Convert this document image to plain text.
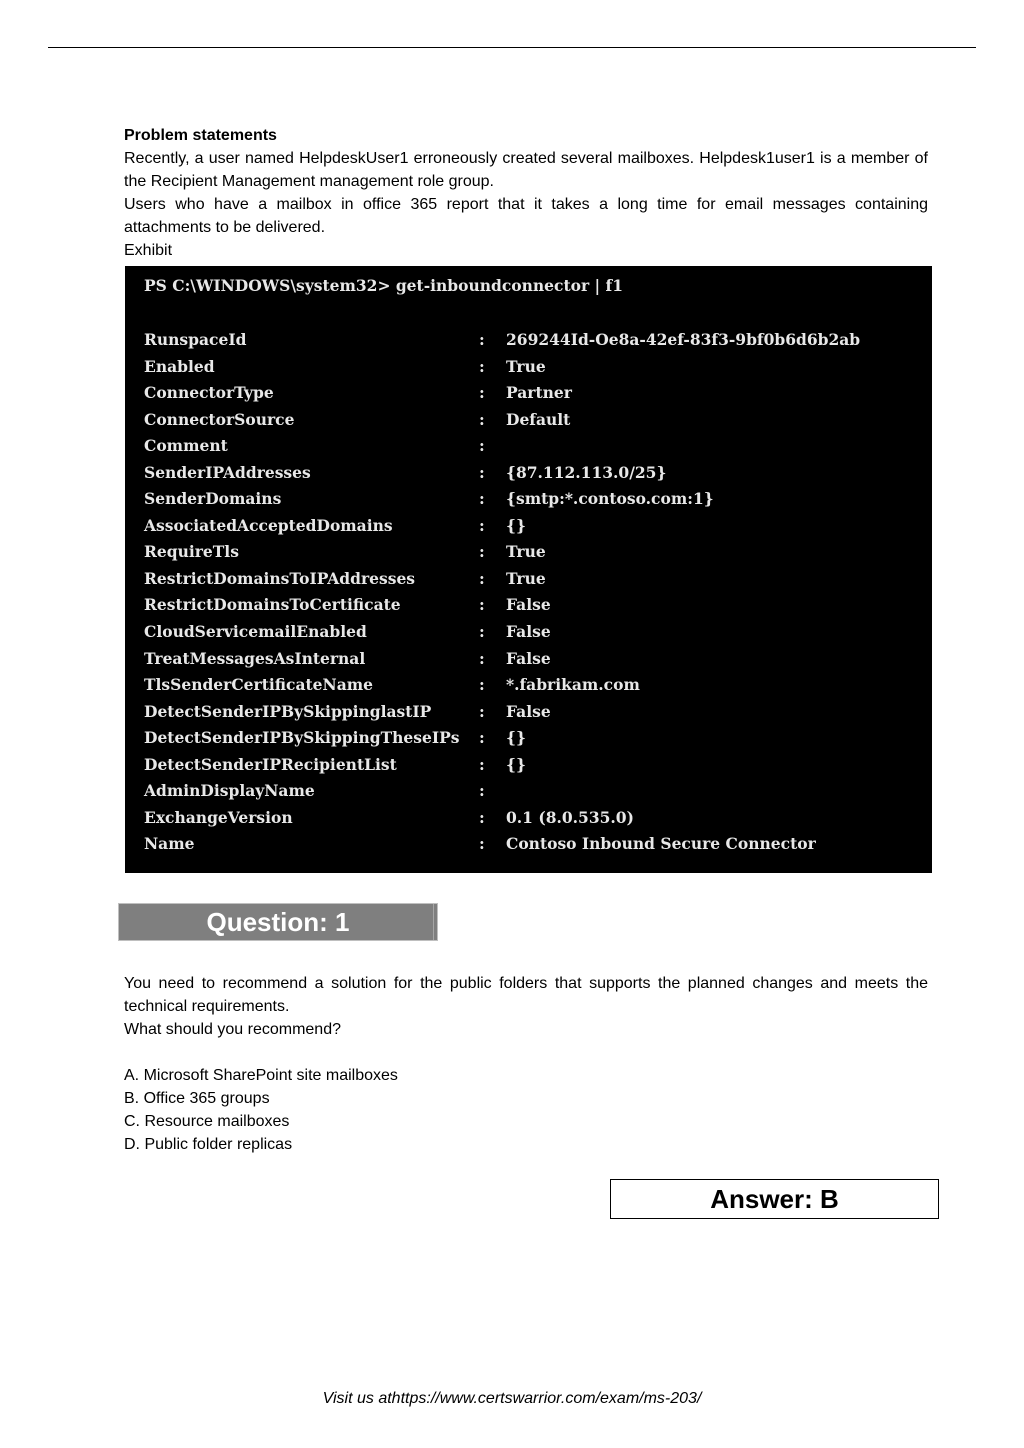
Problem statements

Recently, a user named HelpdeskUser1 erroneously created several mailboxes. Helpdesk1user1 is a member of the Recipient Management management role group.

Users who have a mailbox in office 365 report that it takes a long time for email messages containing attachments to be delivered.

Exhibit

PS C:\WINDOWS\system32> get-inboundconnector | f1
RunspaceId	: 269244Id-Oe8a-42ef-83f3-9bf0b6d6b2ab
Enabled	: True
ConnectorType	: Partner
ConnectorSource	: Default
Comment	:
SenderIPAddresses	: {87.112.113.0/25}
SenderDomains	: {smtp:*.contoso.com:1}
AssociatedAcceptedDomains	: {}
RequireTls	: True
RestrictDomainsToIPAddresses	: True
RestrictDomainsToCertificate	: False
CloudServicemailEnabled	: False
TreatMessagesAsInternal	: False
TlsSenderCertificateName	: *.fabrikam.com
DetectSenderIPBySkippinglastIP	: False
DetectSenderIPBySkippingTheseIPs : {}
DetectSenderIPRecipientList	: {}
AdminDisplayName	:
ExchangeVersion	: 0.1 (8.0.535.0)
Name	: Contoso Inbound Secure Connector
Question: 1

You need to recommend a solution for the public folders that supports the planned changes and meets the technical requirements.

What should you recommend?

A. Microsoft SharePoint site mailboxes

B. Office 365 groups

C. Resource mailboxes

D. Public folder replicas

Answer: B
Visit us athttps://www.certswarrior.com/exam/ms-203/
